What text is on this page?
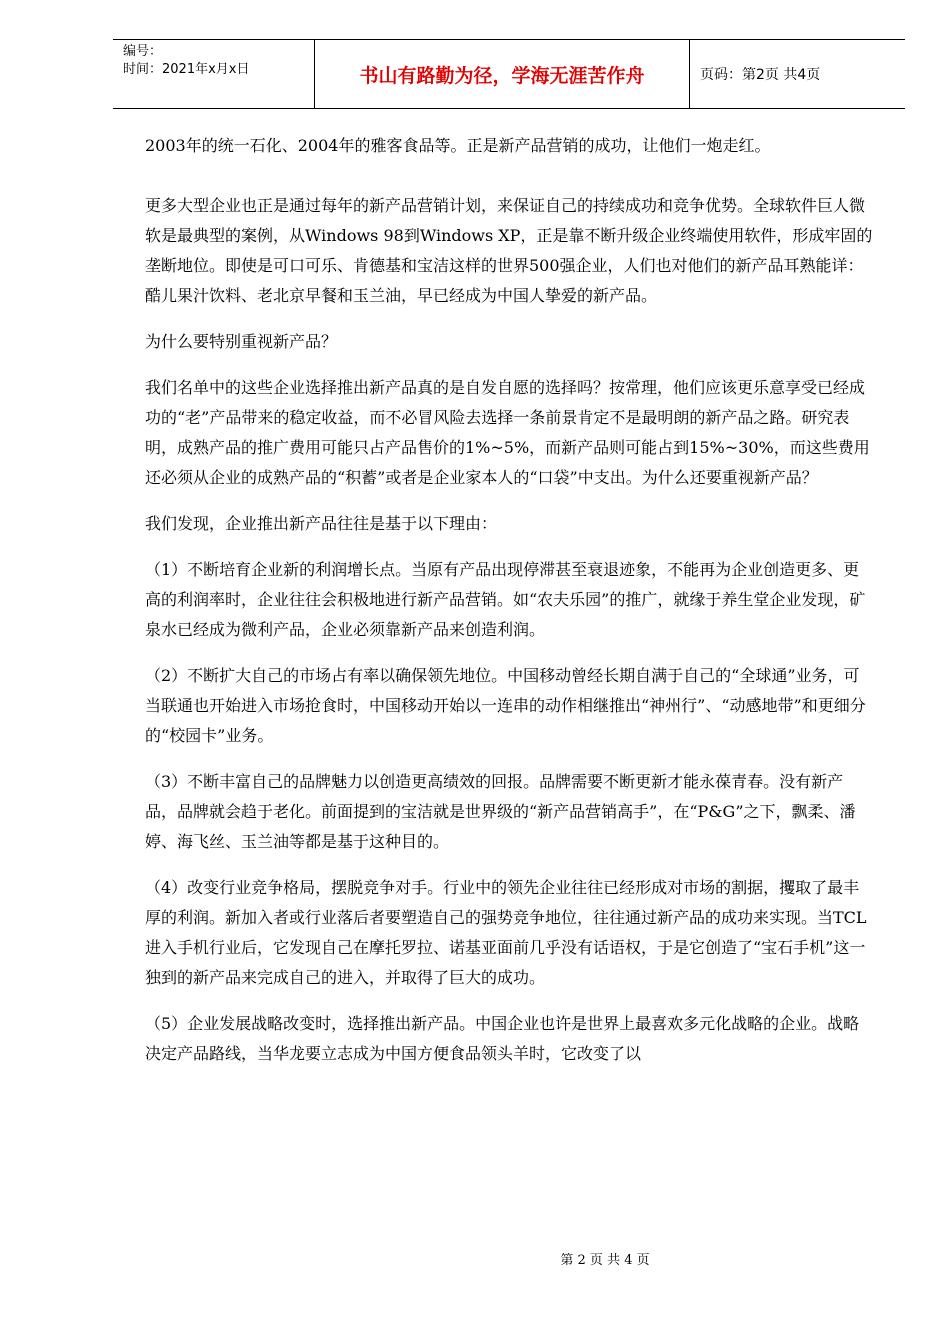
编号：
时间：2021年x月x日	书山有路勤为径，学海无涯苦作舟	页码：第2页 共4页

2003年的统一石化、2004年的雅客食品等。正是新产品营销的成功，让他们一炮走红。

更多大型企业也正是通过每年的新产品营销计划，来保证自己的持续成功和竞争优势。全球软件巨人微软是最典型的案例，从Windows 98到Windows XP，正是靠不断升级企业终端使用软件，形成牢固的垄断地位。即使是可口可乐、肯德基和宝洁这样的世界500强企业，人们也对他们的新产品耳熟能详：酷儿果汁饮料、老北京早餐和玉兰油，早已经成为中国人挚爱的新产品。

为什么要特别重视新产品？

我们名单中的这些企业选择推出新产品真的是自发自愿的选择吗？按常理，他们应该更乐意享受已经成功的“老”产品带来的稳定收益，而不必冒风险去选择一条前景肯定不是最明朗的新产品之路。研究表明，成熟产品的推广费用可能只占产品售价的1%~5%，而新产品则可能占到15%~30%，而这些费用还必须从企业的成熟产品的“积蓄”或者是企业家本人的“口袋”中支出。为什么还要重视新产品？

我们发现，企业推出新产品往往是基于以下理由：

（1）不断培育企业新的利润增长点。当原有产品出现停滞甚至衰退迹象，不能再为企业创造更多、更高的利润率时，企业往往会积极地进行新产品营销。如“农夫乐园”的推广，就缘于养生堂企业发现，矿泉水已经成为微利产品，企业必须靠新产品来创造利润。

（2）不断扩大自己的市场占有率以确保领先地位。中国移动曾经长期自满于自己的“全球通”业务，可当联通也开始进入市场抢食时，中国移动开始以一连串的动作相继推出“神州行”、“动感地带”和更细分的“校园卡”业务。

（3）不断丰富自己的品牌魅力以创造更高绩效的回报。品牌需要不断更新才能永葆青春。没有新产品，品牌就会趋于老化。前面提到的宝洁就是世界级的“新产品营销高手”，在“P&G”之下，飘柔、潘婷、海飞丝、玉兰油等都是基于这种目的。

（4）改变行业竞争格局，摆脱竞争对手。行业中的领先企业往往已经形成对市场的割据，攫取了最丰厚的利润。新加入者或行业落后者要塑造自己的强势竞争地位，往往通过新产品的成功来实现。当TCL进入手机行业后，它发现自己在摩托罗拉、诺基亚面前几乎没有话语权，于是它创造了“宝石手机”这一独到的新产品来完成自己的进入，并取得了巨大的成功。

（5）企业发展战略改变时，选择推出新产品。中国企业也许是世界上最喜欢多元化战略的企业。战略决定产品路线，当华龙要立志成为中国方便食品领头羊时，它改变了以

第 2 页 共 4 页
